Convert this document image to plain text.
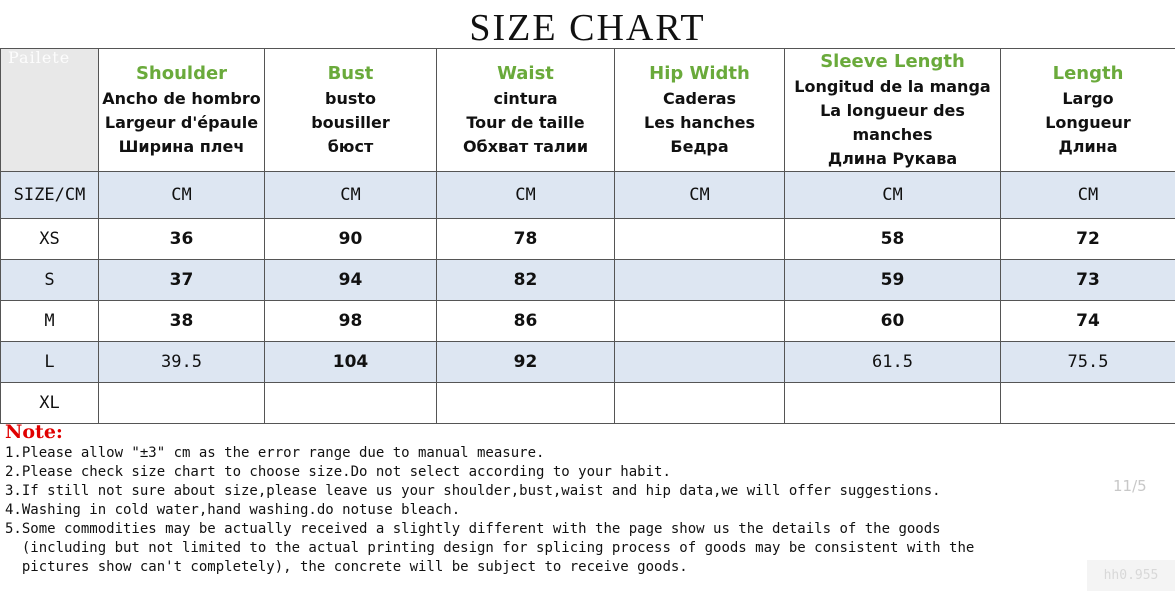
SIZE CHART

	Shoulder
Ancho de hombro
Largeur d'épaule
Ширина плеч	Bust
busto
bousiller
бюст	Waist
cintura
Tour de taille
Обхват талии	Hip Width
Caderas
Les hanches
Бедра	Sleeve Length
Longitud de la manga
La longueur des manches
Длина Рукава	Length
Largo
Longueur
Длина

SIZE/CM	CM	CM	CM	CM	CM	CM
XS	36	90	78		58	72
S	37	94	82		59	73
M	38	98	86		60	74
L	39.5	104	92		61.5	75.5
XL						
Pailete
Note:
1.Please allow "±3" cm as the error range due to manual measure.
2.Please check size chart to choose size.Do not select according to your habit.
3.If still not sure about size,please leave us your shoulder,bust,waist and hip data,we will offer suggestions.
4.Washing in cold water,hand washing.do notuse bleach.
5.Some commodities may be actually received a slightly different with the page show us the details of the goods
(including but not limited to the actual printing design for splicing process of goods may be consistent with the
pictures show can't completely), the concrete will be subject to receive goods.
11/5
hh0.955
